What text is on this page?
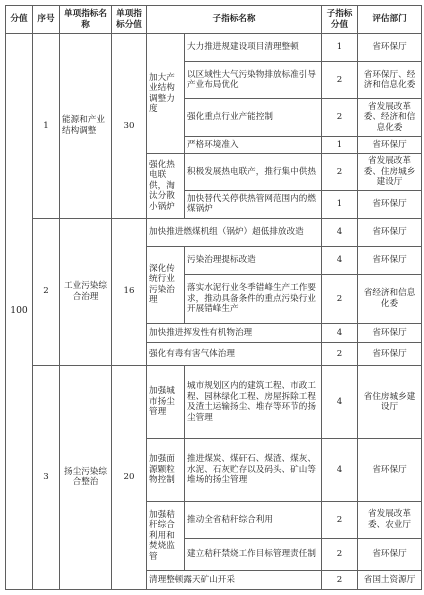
分值	序号	单项指标名称	单项指标分值	子指标名称		子指标分值	评估部门
100	1	能源和产业结构调整	30	加大产业结构调整力度	大力推进规建设项目清理整顿	1	省环保厅
					以区域性大气污染物排放标准引导产业布局优化	2	省环保厅、经济和信息化委
					强化重点行业产能控制	2	省发展改革委、经济和信息化委
					严格环境准入	1	省环保厅
				强化热电联供，淘汰分散小锅炉	积极发展热电联产，推行集中供热	2	省发展改革委、住房城乡建设厅
					加快替代关停供热管网范围内的燃煤锅炉	1	省环保厅
	2	工业污染综合治理	16	加快推进燃煤机组（锅炉）超低排放改造		4	省环保厅
				深化传统行业污染治理	污染治理提标改造	4	省环保厅
					落实水泥行业冬季错峰生产工作要求，推动具备条件的重点污染行业开展错峰生产	2	省经济和信息化委
				加快推进挥发性有机物治理		4	省环保厅
				强化有毒有害气体治理		2	省环保厅
	3	扬尘污染综合整治	20	加强城市扬尘管理	城市规划区内的建筑工程、市政工程、园林绿化工程、房屋拆除工程及渣土运输扬尘、堆存等环节的扬尘管理	4	省住房城乡建设厅
				加强面源颗粒物控制	推进煤炭、煤矸石、煤渣、煤灰、水泥、石灰贮存以及码头、矿山等堆场的扬尘管理	4	省环保厅
				加强秸秆综合利用和焚烧监管	推动全省秸秆综合利用	2	省发展改革委、农业厅
					建立秸秆禁烧工作目标管理责任制	2	省环保厅
				清理整顿露天矿山开采		2	省国土资源厅
